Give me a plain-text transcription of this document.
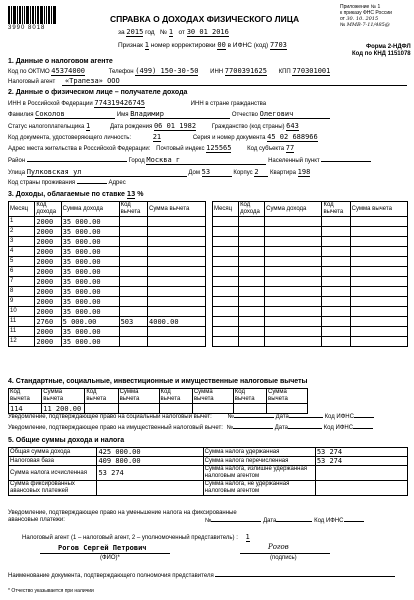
3990 8018
Приложение № 1
к приказу ФНС России
от 30. 10. 2015
№ ММВ-7-11/485@
СПРАВКА О ДОХОДАХ ФИЗИЧЕСКОГО ЛИЦА
за 2015 год № 1 от 30 01 2016
Признак 1 номер корректировки 00 в ИФНС (код) 7703	Форма 2-НДФЛ
Код по КНД 1151078
1. Данные о налоговом агенте
Код по ОКТМО 45374000	Телефон (499) 150-30-50 ИНН 7700391625 КПП 770301001
Налоговый агент «Трапеза» ООО
2. Данные о физическом лице – получателе дохода
ИНН в Российской Федерации 774319426745	ИНН в стране гражданства
Фамилия Соколов	Имя Владимир	Отчество Олегович
Статус налогоплательщика 1	Дата рождения 06 01 1982	Гражданство (код страны) 643
Код документа, удостоверяющего личность:	21	Серия и номер документа 45 02 688966
Адрес места жительства в Российской Федерации: Почтовый индекс 125565	Код субъекта 77
Район	Город Москва г	Населенный пункт
Улица Пулковская ул	Дом 53	Корпус 2 Квартира 198
Код страны проживания	Адрес
3. Доходы, облагаемые по ставке 13 %
Месяц	Код дохода	Сумма дохода	Код вычета	Сумма вычета
1	2000	35 000.00		
2	2000	35 000.00		
3	2000	35 000.00		
4	2000	35 000.00		
5	2000	35 000.00		
6	2000	35 000.00		
7	2000	35 000.00		
8	2000	35 000.00		
9	2000	35 000.00		
10	2000	35 000.00		
11	2760	5 000.00	503	4000.00
11	2000	35 000.00		
12	2000	35 000.00		
Месяц	Код дохода	Сумма дохода	Код вычета	Сумма вычета

4. Стандартные, социальные, инвестиционные и имущественные налоговые вычеты
Код вычета	Сумма вычета	Код вычета	Сумма вычета	Код вычета	Сумма вычета	Код вычета	Сумма вычета
114	11 200.00						
Уведомление, подтверждающее право на социальный налоговый вычет:	№	Дата	Код ИФНС
Уведомление, подтверждающее право на имущественный налоговый вычет: №	Дата	Код ИФНС
5. Общие суммы дохода и налога
Общая сумма дохода	425 000.00	Сумма налога удержанная	53 274
Налоговая база	409 800.00	Сумма налога перечисленная	53 274
Сумма налога исчисленная	53 274	Сумма налога, излишне удержанная налоговым агентом	
Сумма фиксированных авансовых платежей		Сумма налога, не удержанная налоговым агентом	
Уведомление, подтверждающее право на уменьшение налога на фиксированные авансовые платежи:	№	Дата	Код ИФНС
Налоговый агент (1 – налоговый агент, 2 – уполномоченный представитель) : 1
Рогов Сергей Петрович	Рогов
(ФИО)*	(подпись)
Наименование документа, подтверждающего полномочия представителя
* Отчество указывается при наличии
